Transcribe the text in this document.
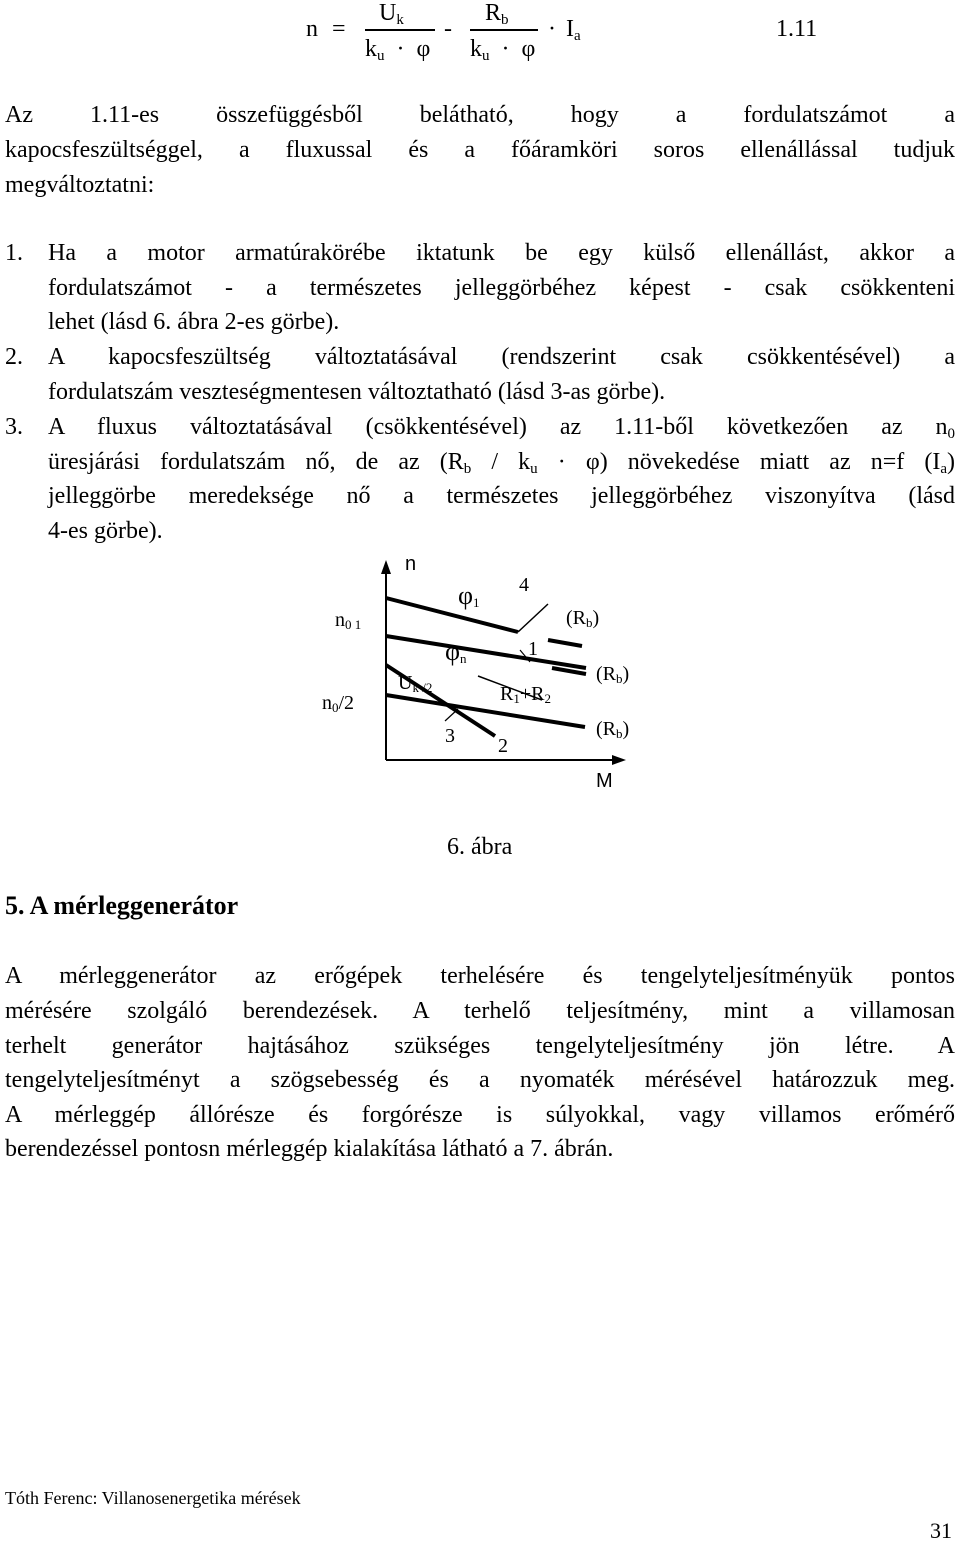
n =
$U_k$
$k_u \cdot \varphi$
-
$R_b$
$k_u \cdot \varphi$
· $I_a$	1.11
Az 1.11-es összefüggésből belátható, hogy a fordulatszámot a
kapocsfeszültséggel, a fluxussal és a főáramköri soros ellenállással tudjuk
megváltoztatni:
1. Ha a motor armatúrakörébe iktatunk be egy külső ellenállást, akkor a
fordulatszámot - a természetes jelleggörbéhez képest - csak csökkenteni
lehet (lásd 6. ábra 2-es görbe).
2. A kapocsfeszültség változtatásával (rendszerint csak csökkentésével) a
fordulatszám veszteségmentesen változtatható (lásd 3-as görbe).
3. A fluxus változtatásával (csökkentésével) az 1.11-ből következően az $n_0$
üresjárási fordulatszám nő, de az $(R_b / k_u \cdot \varphi)$ növekedése miatt az n=f $(I_a)$
jelleggörbe meredeksége nő a természetes jelleggörbéhez viszonyítva (lásd
4-es görbe).
n
M
n0 1
n0/2
φ1
φn
Uk /2	R1+R2
(Rb)
(Rb)
(Rb)
4
1
3 2
6. ábra
5. A mérleggenerátor
A mérleggenerátor az erőgépek terhelésére és tengelyteljesítményük pontos
mérésére szolgáló berendezések. A terhelő teljesítmény, mint a villamosan
terhelt generátor hajtásához szükséges tengelyteljesítmény jön létre. A
tengelyteljesítményt a szögsebesség és a nyomaték mérésével határozzuk meg.
A mérleggép állórésze és forgórésze is súlyokkal, vagy villamos erőmérő
berendezéssel pontosn mérleggép kialakítása látható a 7. ábrán.
Tóth Ferenc: Villanosenergetika mérések
31
